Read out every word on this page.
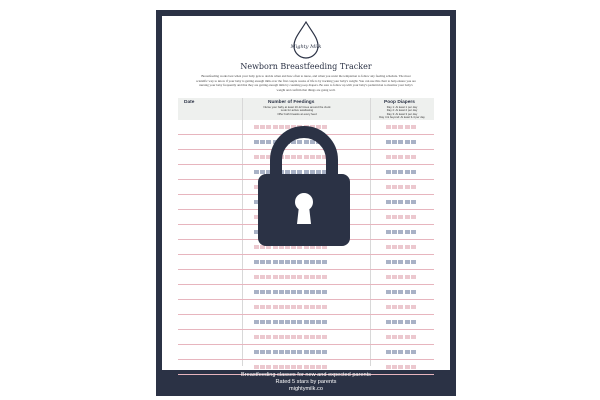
Mighty Milk
Newborn Breastfeeding Tracker
Breastfeeding works best when your baby gets to decide when and how often to nurse, and when you resist the temptation to follow any feeding schedule. The most scientific way to know if your baby is getting enough milk over the first couple weeks of life is by tracking your baby's weight. You can use this chart to help ensure you are nursing your baby frequently and that they are getting enough milk by counting poop diapers. Be sure to follow up with your baby's pediatrician to monitor your baby's weight and confirm that things are going well.
Date	Number of Feedings
Nurse your baby at least 10-12 times around the clock
Look for active swallowing
Offer both breasts at every feed
Poop Diapers
Day 1: At least 1 per day
Day 2: At least 2 per day
Day 3: At least 3 per day
Day 4 & beyond: At least 3-4 per day
Breastfeeding classes for new and expected parents
Rated 5 stars by parents
mightymilk.co
